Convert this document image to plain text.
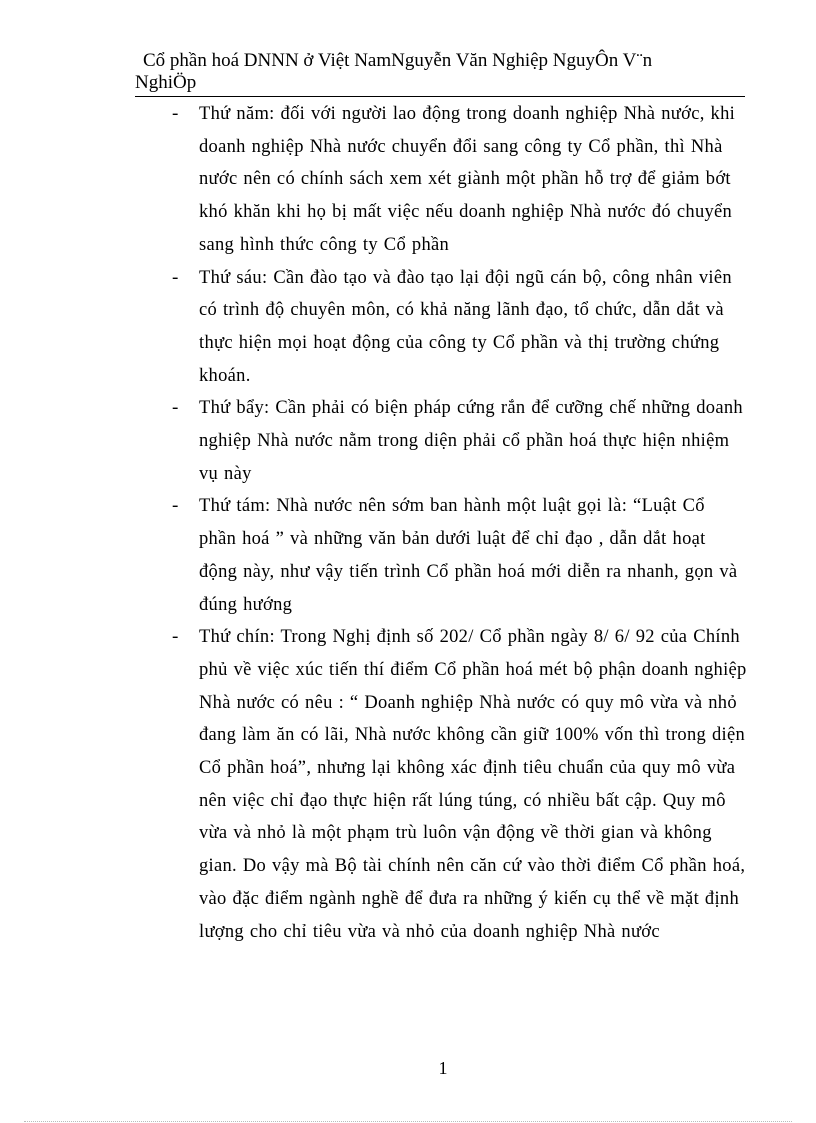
Cổ phần hoá DNNN ở Việt NamNguyễn Văn Nghiệp NguyÔn V¨n
NghiÖp
- Thứ năm: đối với người lao động trong doanh nghiệp Nhà nước, khi doanh nghiệp Nhà nước chuyển đổi sang công ty Cổ phần, thì Nhà nước nên có chính sách xem xét giành một phần hỗ trợ để giảm bớt khó khăn khi họ bị mất việc nếu doanh nghiệp Nhà nước đó chuyển sang hình thức công ty Cổ phần
- Thứ sáu: Cần đào tạo và đào tạo lại đội ngũ cán bộ, công nhân viên có trình độ chuyên môn, có khả năng lãnh đạo, tổ chức, dẫn dắt và thực hiện mọi hoạt động của công ty Cổ phần và thị trường chứng khoán.
- Thứ bẩy: Cần phải có biện pháp cứng rắn để cưỡng chế những doanh nghiệp Nhà nước nằm trong diện phải cổ phần hoá thực hiện nhiệm vụ này
- Thứ tám: Nhà nước nên sớm ban hành một luật gọi là: “Luật Cổ phần hoá ” và những văn bản dưới luật để chỉ đạo , dẫn dắt hoạt động này, như vậy tiến trình Cổ phần hoá mới diễn ra nhanh, gọn và đúng hướng
- Thứ chín: Trong Nghị định số 202/ Cổ phần ngày 8/ 6/ 92 của Chính phủ về việc xúc tiến thí điểm Cổ phần hoá mét bộ phận doanh nghiệp Nhà nước có nêu : “ Doanh nghiệp Nhà nước có quy mô vừa và nhỏ đang làm ăn có lãi, Nhà nước không cần giữ 100% vốn thì trong diện Cổ phần hoá”, nhưng lại không xác định tiêu chuẩn của quy mô vừa nên việc chỉ đạo thực hiện rất lúng túng, có nhiều bất cập. Quy mô vừa và nhỏ là một phạm trù luôn vận động về thời gian và không gian. Do vậy mà Bộ tài chính nên căn cứ vào thời điểm Cổ phần hoá, vào đặc điểm ngành nghề để đưa ra những ý kiến cụ thể về mặt định lượng cho chỉ tiêu vừa và nhỏ của doanh nghiệp Nhà nước
1
